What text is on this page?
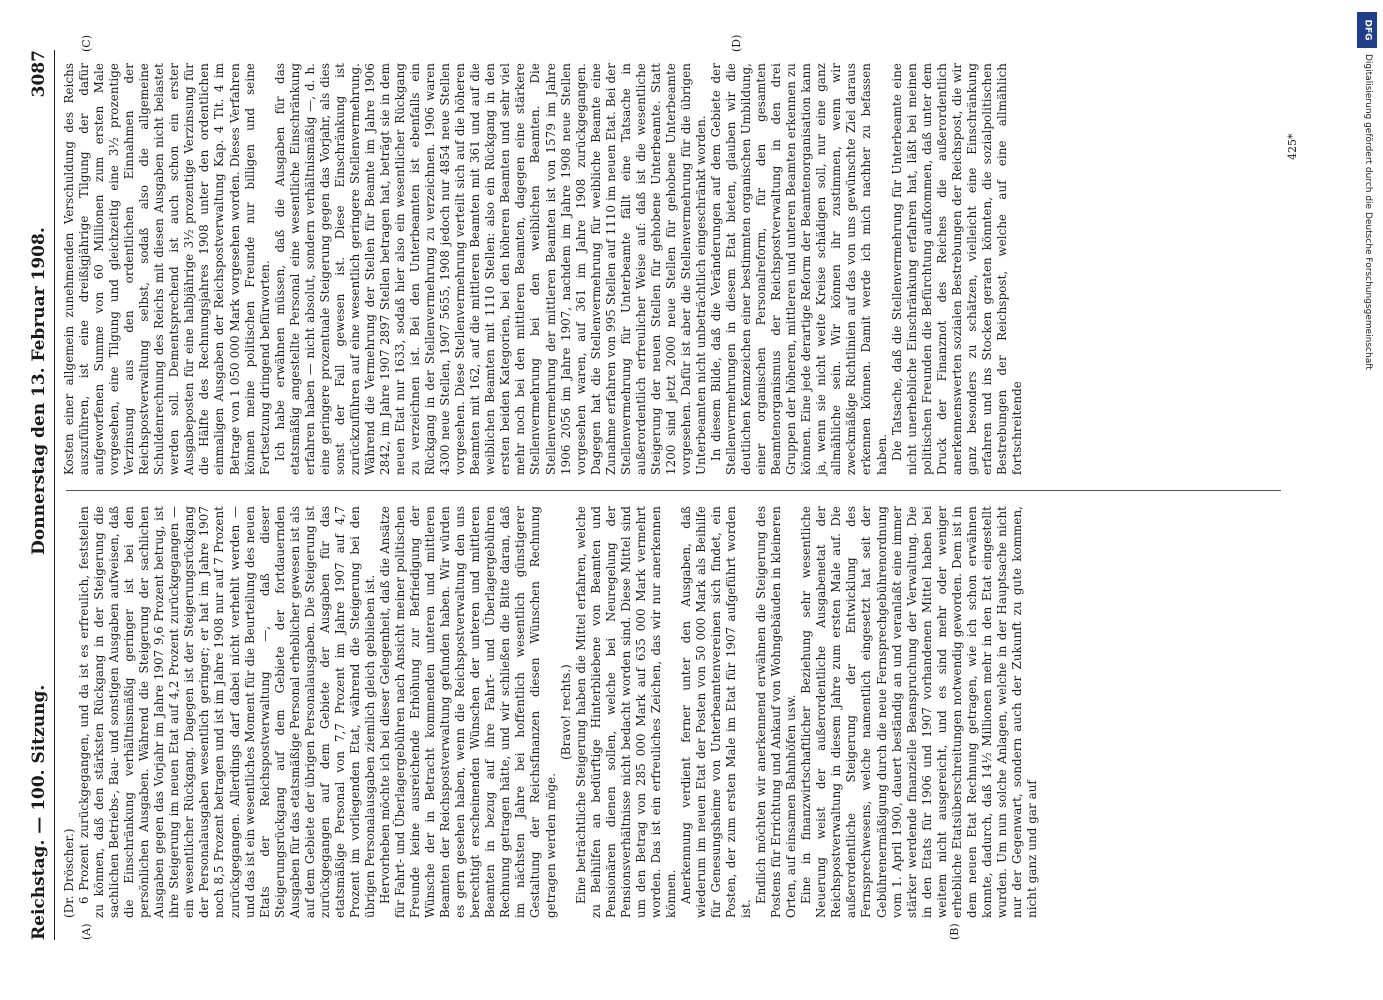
Reichstag. — 100. Sitzung.
Donnerstag den 13. Februar 1908.
3087
(A)	(B)
(C)	(D)

(Dr. Dröscher.) 6 Prozent zurückgegangen, und da ist es erfreulich, feststellen zu können, daß den stärksten Rückgang in der Steigerung die sachlichen Betriebs-, Bau- und sonstigen Ausgaben aufweisen, daß die Einschränkung verhältnismäßig geringer ist bei den persönlichen Ausgaben. Während die Steigerung der sachlichen Ausgaben gegen das Vorjahr im Jahre 1907 9,6 Prozent betrug, ist ihre Steigerung im neuen Etat auf 4,2 Prozent zurückgegangen — ein wesentlicher Rückgang. Dagegen ist der Steigerungsrückgang der Personalausgaben wesentlich geringer; er hat im Jahre 1907 noch 8,5 Prozent betragen und ist im Jahre 1908 nur auf 7 Prozent zurückgegangen. Allerdings darf dabei nicht verhehlt werden — und das ist ein wesentliches Moment für die Beurteilung des neuen Etats der Reichspostverwaltung —, daß dieser Steigerungsrückgang auf dem Gebiete der fortdauernden Ausgaben für das etatsmäßige Personal erheblicher gewesen ist als auf dem Gebiete der übrigen Personalausgaben. Die Steigerung ist zurückgegangen auf dem Gebiete der Ausgaben für das etatsmäßige Personal von 7,7 Prozent im Jahre 1907 auf 4,7 Prozent im vorliegenden Etat, während die Steigerung bei den übrigen Personalausgaben ziemlich gleich geblieben ist. Hervorheben möchte ich bei dieser Gelegenheit, daß die Ansätze für Fahrt- und Überlagergebühren nach Ansicht meiner politischen Freunde keine ausreichende Erhöhung zur Befriedigung der Wünsche der in Betracht kommenden unteren und mittleren Beamten der Reichspostverwaltung gefunden haben. Wir würden es gern gesehen haben, wenn die Reichspostverwaltung den uns berechtigt erscheinenden Wünschen der unteren und mittleren Beamten in bezug auf ihre Fahrt- und Überlagergebühren Rechnung getragen hätte, und wir schließen die Bitte daran, daß im nächsten Jahre bei hoffentlich wesentlich günstigerer Gestaltung der Reichsfinanzen diesen Wünschen Rechnung getragen werden möge.

(Bravo! rechts.) Eine beträchtliche Steigerung haben die Mittel erfahren, welche zu Beihilfen an bedürftige Hinterbliebene von Beamten und Pensionären dienen sollen, welche bei Neuregelung der Pensionsverhältnisse nicht bedacht worden sind. Diese Mittel sind um den Betrag von 285 000 Mark auf 635 000 Mark vermehrt worden. Das ist ein erfreuliches Zeichen, das wir nur anerkennen können. Anerkennung verdient ferner unter den Ausgaben, daß wiederum im neuen Etat der Posten von 50 000 Mark als Beihilfe für Genesungsheime von Unterbeamtenvereinen sich findet, ein Posten, der zum ersten Male im Etat für 1907 aufgeführt worden ist.

Endlich möchten wir anerkennend erwähnen die Steigerung des Postens für Errichtung und Ankauf von Wohngebäuden in kleineren Orten, auf einsamen Bahnhöfen usw. Eine in finanzwirtschaftlicher Beziehung sehr wesentliche Neuerung weist der außerordentliche Ausgabenetat der Reichspostverwaltung in diesem Jahre zum ersten Male auf. Die außerordentliche Steigerung der Entwicklung des Fernsprechwesens, welche namentlich eingesetzt hat seit der Gebührenermäßigung durch die neue Fernsprechgebührenordnung vom 1. April 1900, dauert beständig an und veranlaßt eine immer stärker werdende finanzielle Beanspruchung der Verwaltung. Die in den Etats für 1906 und 1907 vorhandenen Mittel haben bei weitem nicht ausgereicht, und es sind mehr oder weniger erhebliche Etatsüberschreitungen notwendig geworden. Dem ist in dem neuen Etat Rechnung getragen, wie ich schon erwähnen konnte, dadurch, daß 14½ Millionen mehr in den Etat eingestellt wurden. Um nun solche Anlagen, welche in der Hauptsache nicht nur der Gegenwart, sondern auch der Zukunft zu gute kommen, nicht ganz und gar auf

Kosten einer allgemein zunehmenden Verschuldung des Reichs auszuführen, ist eine dreißigjährige Tilgung der dafür aufgeworfenen Summe von 60 Millionen zum ersten Male vorgesehen, eine Tilgung und gleichzeitig eine 3½ prozentige Verzinsung aus den ordentlichen Einnahmen der Reichspostverwaltung selbst, sodaß also die allgemeine Schuldenrechnung des Reichs mit diesen Ausgaben nicht belastet werden soll. Dementsprechend ist auch schon ein erster Ausgabeposten für eine halbjährige 3½ prozentige Verzinsung für die Hälfte des Rechnungsjahres 1908 unter den ordentlichen einmaligen Ausgaben der Reichspostverwaltung Kap. 4 Tit. 4 im Betrage von 1 050 000 Mark vorgesehen worden. Dieses Verfahren können meine politischen Freunde nur billigen und seine Fortsetzung dringend befürworten. Ich habe erwähnen müssen, daß die Ausgaben für das etatsmäßig angestellte Personal eine wesentliche Einschränkung erfahren haben — nicht absolut, sondern verhältnismäßig —, d. h. eine geringere prozentuale Steigerung gegen das Vorjahr, als dies sonst der Fall gewesen ist. Diese Einschränkung ist zurückzuführen auf eine wesentlich geringere Stellenvermehrung. Während die Vermehrung der Stellen für Beamte im Jahre 1906 2842, im Jahre 1907 2897 Stellen betragen hat, beträgt sie in dem neuen Etat nur 1633, sodaß hier also ein wesentlicher Rückgang zu verzeichnen ist. Bei den Unterbeamten ist ebenfalls ein Rückgang in der Stellenvermehrung zu verzeichnen. 1906 waren 4300 neue Stellen, 1907 5655, 1908 jedoch nur 4854 neue Stellen vorgesehen. Diese Stellenvermehrung verteilt sich auf die höheren Beamten mit 162, auf die mittleren Beamten mit 361 und auf die weiblichen Beamten mit 1110 Stellen: also ein Rückgang in den ersten beiden Kategorien, bei den höheren Beamten und sehr viel mehr noch bei den mittleren Beamten, dagegen eine stärkere Stellenvermehrung bei den weiblichen Beamten. Die Stellenvermehrung der mittleren Beamten ist von 1579 im Jahre 1906 2056 im Jahre 1907, nachdem im Jahre 1908 neue Stellen vorgesehen waren, auf 361 im Jahre 1908 zurückgegangen. Dagegen hat die Stellenvermehrung für weibliche Beamte eine Zunahme erfahren von 995 Stellen auf 1110 im neuen Etat. Bei der Stellenvermehrung für Unterbeamte fällt eine Tatsache in außerordentlich erfreulicher Weise auf: daß ist die wesentliche Steigerung der neuen Stellen für gehobene Unterbeamte. Statt 1200 sind jetzt 2000 neue Stellen für gehobene Unterbeamte vorgesehen. Dafür ist aber die Stellenvermehrung für die übrigen Unterbeamten nicht unbeträchtlich eingeschränkt worden. In diesem Bilde, daß die Veränderungen auf dem Gebiete der Stellenvermehrungen in diesem Etat bieten, glauben wir die deutlichen Kennzeichen einer bestimmten organischen Umbildung, einer organischen Personalreform, für den gesamten Beamtenorganismus der Reichspostverwaltung in den drei Gruppen der höheren, mittleren und unteren Beamten erkennen zu können. Eine jede derartige Reform der Beamtenorganisation kann ja, wenn sie nicht weite Kreise schädigen soll, nur eine ganz allmähliche sein. Wir können ihr zustimmen, wenn wir zweckmäßige Richtlinien auf das von uns gewünschte Ziel daraus erkennen können. Damit werde ich mich nachher zu befassen haben. Die Tatsache, daß die Stellenvermehrung für Unterbeamte eine nicht unerhebliche Einschränkung erfahren hat, läßt bei meinen politischen Freunden die Befürchtung aufkommen, daß unter dem Druck der Finanznot des Reiches die außerordentlich anerkennenswerten sozialen Bestrebungen der Reichspost, die wir ganz besonders zu schätzen, vielleicht eine Einschränkung erfahren und ins Stocken geraten könnten, die sozialpolitischen Bestrebungen der Reichspost, welche auf eine allmählich fortschreitende

425*
DFG
Digitalisierung gefördert durch die Deutsche Forschungsgemeinschaft
